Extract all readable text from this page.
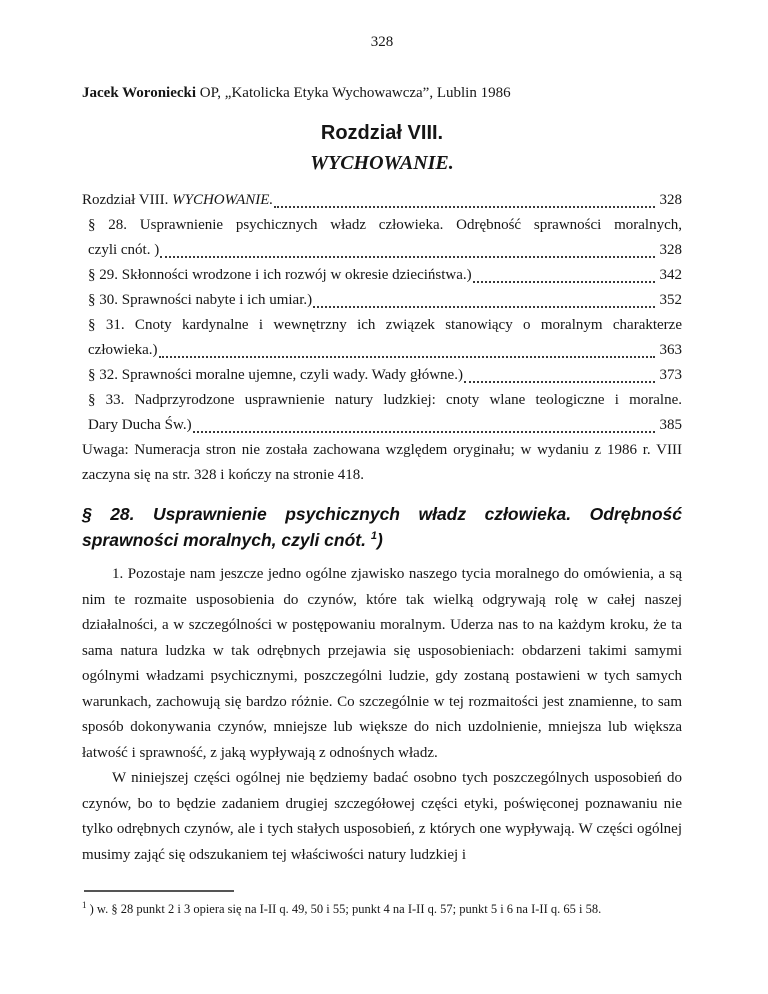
328

Jacek Woroniecki OP, „Katolicka Etyka Wychowawcza”, Lublin 1986

Rozdział VIII.
WYCHOWANIE.
Rozdział VIII. WYCHOWANIE.	328
§ 28. Usprawnienie psychicznych władz człowieka. Odrębność sprawności moralnych,
czyli cnót. )	328
§ 29. Skłonności wrodzone i ich rozwój w okresie dzieciństwa.)	342
§ 30. Sprawności nabyte i ich umiar.)	352
§ 31. Cnoty kardynalne i wewnętrzny ich związek stanowiący o moralnym charakterze
człowieka.)	363
§ 32. Sprawności moralne ujemne, czyli wady. Wady główne.)	373
§ 33. Nadprzyrodzone usprawnienie natury ludzkiej: cnoty wlane teologiczne i moralne.
Dary Ducha Św.)	385

Uwaga: Numeracja stron nie została zachowana względem oryginału; w wydaniu z 1986 r. VIII zaczyna się na str. 328 i kończy na stronie 418.

§ 28. Usprawnienie psychicznych władz człowieka. Odrębność
sprawności moralnych, czyli cnót. $^1$)

1. Pozostaje nam jeszcze jedno ogólne zjawisko naszego tycia moralnego do omówienia, a są nim te rozmaite usposobienia do czynów, które tak wielką odgrywają rolę w całej naszej działalności, a w szczególności w postępowaniu moralnym. Uderza nas to na każdym kroku, że ta sama natura ludzka w tak odrębnych przejawia się usposobieniach: obdarzeni takimi samymi ogólnymi władzami psychicznymi, poszczególni ludzie, gdy zostaną postawieni w tych samych warunkach, zachowują się bardzo różnie. Co szczególnie w tej rozmaitości jest znamienne, to sam sposób dokonywania czynów, mniejsze lub większe do nich uzdolnienie, mniejsza lub większa łatwość i sprawność, z jaką wypływają z odnośnych władz.

W niniejszej części ogólnej nie będziemy badać osobno tych poszczególnych usposobień do czynów, bo to będzie zadaniem drugiej szczegółowej części etyki, poświęconej poznawaniu nie tylko odrębnych czynów, ale i tych stałych usposobień, z których one wypływają. W części ogólnej musimy zająć się odszukaniem tej właściwości natury ludzkiej i

$^1$ ) w. § 28 punkt 2 i 3 opiera się na I-II q. 49, 50 i 55; punkt 4 na I-II q. 57; punkt 5 i 6 na I-II q. 65 i 58.
